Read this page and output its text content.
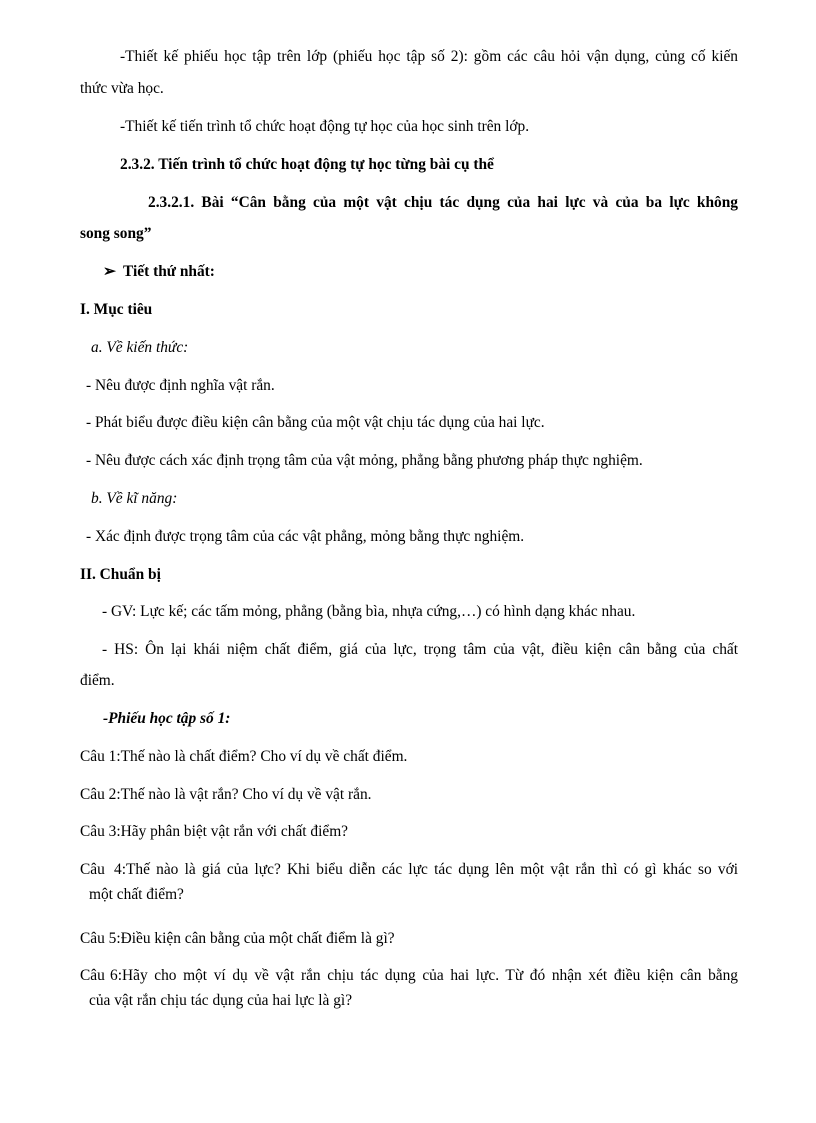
-Thiết kế phiếu học tập trên lớp (phiếu học tập số 2): gồm các câu hỏi vận dụng, củng cố kiến
thức vừa học.
-Thiết kế tiến trình tổ chức hoạt động tự học của học sinh trên lớp.
2.3.2. Tiến trình tổ chức hoạt động tự học từng bài cụ thể
2.3.2.1. Bài “Cân bằng của một vật chịu tác dụng của hai lực và của ba lực không
song song”
➢ Tiết thứ nhất:
I. Mục tiêu
a. Về kiến thức:
- Nêu được định nghĩa vật rắn.
- Phát biểu được điều kiện cân bằng của một vật chịu tác dụng của hai lực.
- Nêu được cách xác định trọng tâm của vật mỏng, phẳng bằng phương pháp thực nghiệm.
b. Về kĩ năng:
- Xác định được trọng tâm của các vật phẳng, mỏng bằng thực nghiệm.
II. Chuẩn bị
- GV: Lực kế; các tấm mỏng, phẳng (bằng bìa, nhựa cứng,…) có hình dạng khác nhau.
- HS: Ôn lại khái niệm chất điểm, giá của lực, trọng tâm của vật, điều kiện cân bằng của chất
điểm.
-Phiếu học tập số 1:
Câu 1:Thế nào là chất điểm? Cho ví dụ về chất điểm.
Câu 2:Thế nào là vật rắn? Cho ví dụ về vật rắn.
Câu 3:Hãy phân biệt vật rắn với chất điểm?
Câu 4:Thế nào là giá của lực? Khi biểu diễn các lực tác dụng lên một vật rắn thì có gì khác so với
một chất điểm?
Câu 5:Điều kiện cân bằng của một chất điểm là gì?
Câu 6:Hãy cho một ví dụ về vật rắn chịu tác dụng của hai lực. Từ đó nhận xét điều kiện cân bằng
của vật rắn chịu tác dụng của hai lực là gì?
